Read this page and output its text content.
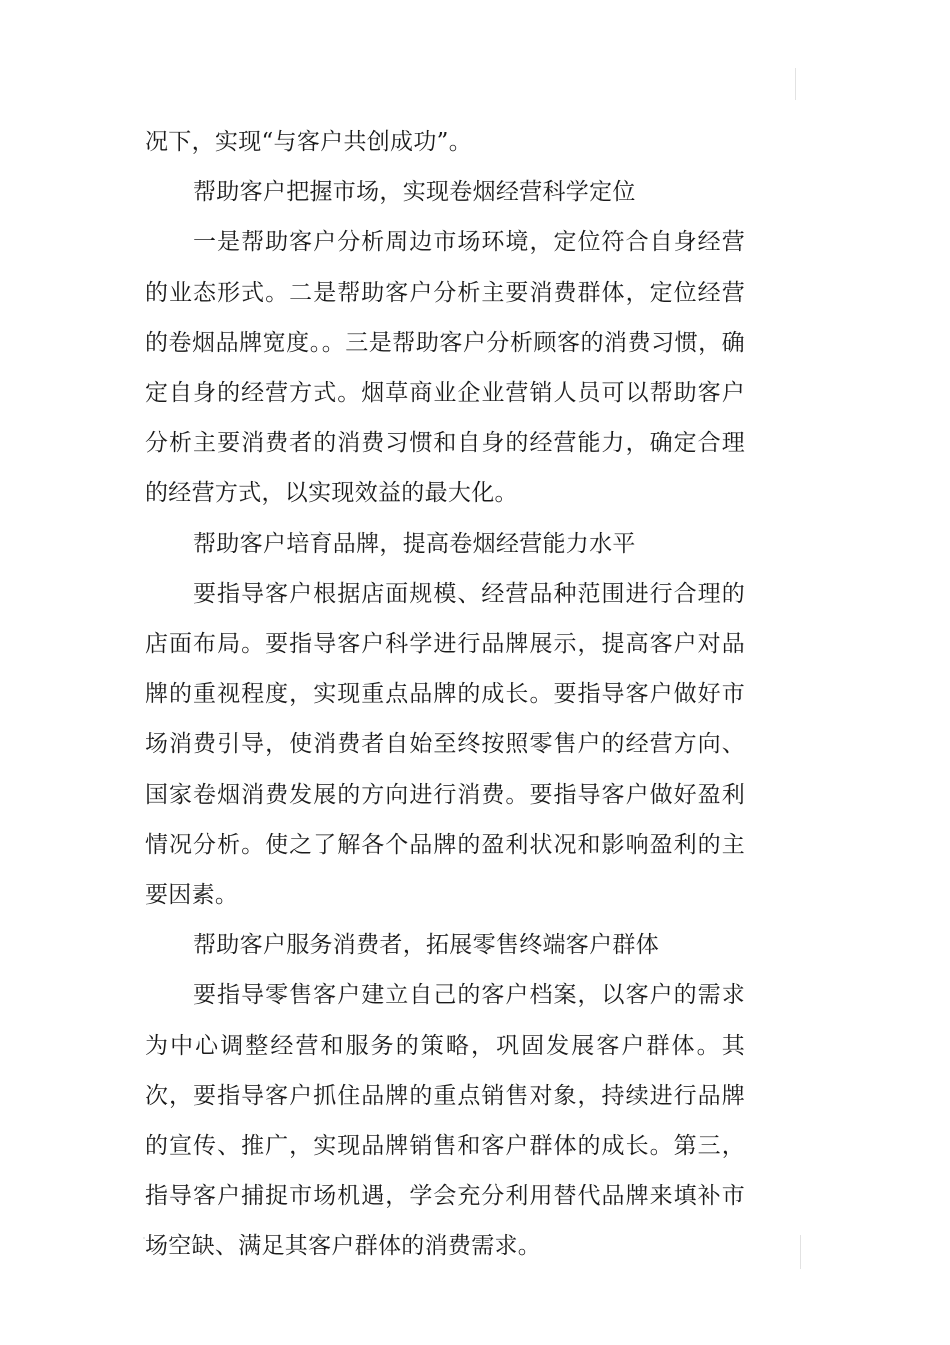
况下，实现“与客户共创成功”。

帮助客户把握市场，实现卷烟经营科学定位

一是帮助客户分析周边市场环境，定位符合自身经营的业态形式。二是帮助客户分析主要消费群体，定位经营的卷烟品牌宽度。。三是帮助客户分析顾客的消费习惯，确定自身的经营方式。烟草商业企业营销人员可以帮助客户分析主要消费者的消费习惯和自身的经营能力，确定合理的经营方式，以实现效益的最大化。

帮助客户培育品牌，提高卷烟经营能力水平

要指导客户根据店面规模、经营品种范围进行合理的店面布局。要指导客户科学进行品牌展示，提高客户对品牌的重视程度，实现重点品牌的成长。要指导客户做好市场消费引导，使消费者自始至终按照零售户的经营方向、国家卷烟消费发展的方向进行消费。要指导客户做好盈利情况分析。使之了解各个品牌的盈利状况和影响盈利的主要因素。

帮助客户服务消费者，拓展零售终端客户群体

要指导零售客户建立自己的客户档案，以客户的需求为中心调整经营和服务的策略，巩固发展客户群体。其次，要指导客户抓住品牌的重点销售对象，持续进行品牌的宣传、推广，实现品牌销售和客户群体的成长。第三，指导客户捕捉市场机遇，学会充分利用替代品牌来填补市场空缺、满足其客户群体的消费需求。
